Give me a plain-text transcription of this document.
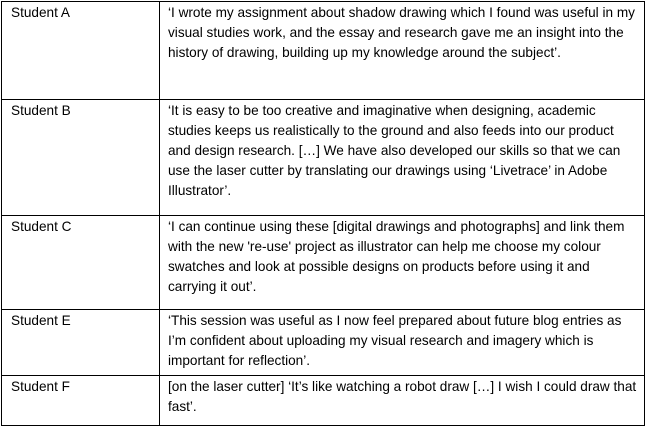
Student A	‘I wrote my assignment about shadow drawing which I found was useful in my visual studies work, and the essay and research gave me an insight into the history of drawing, building up my knowledge around the subject’.
Student B	‘It is easy to be too creative and imaginative when designing, academic studies keeps us realistically to the ground and also feeds into our product and design research. […] We have also developed our skills so that we can use the laser cutter by translating our drawings using ‘Livetrace’ in Adobe Illustrator’.
Student C	‘I can continue using these [digital drawings and photographs] and link them with the new 're-use' project as illustrator can help me choose my colour swatches and look at possible designs on products before using it and carrying it out’.
Student E	‘This session was useful as I now feel prepared about future blog entries as I’m confident about uploading my visual research and imagery which is important for reflection’.
Student F	[on the laser cutter] ‘It’s like watching a robot draw […] I wish I could draw that fast’.
